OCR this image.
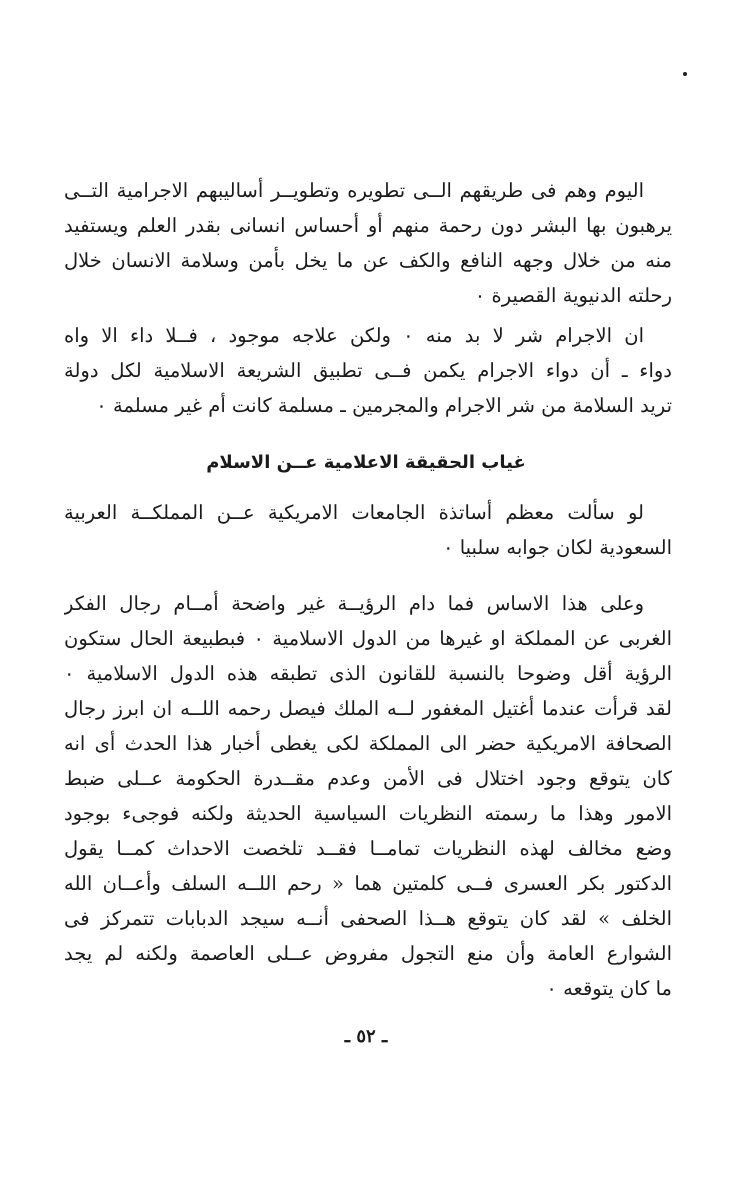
اليوم وهم فى طريقهم الــى تطويره وتطويــر أساليبهم الاجرامية التــى
يرهبون بها البشر دون رحمة منهم أو أحساس انسانى بقدر العلم ويستفيد
منه من خلال وجهه النافع والكف عن ما يخل بأمن وسلامة الانسان خلال
رحلته الدنيوية القصيرة ٠
ان الاجرام شر لا بد منه ٠ ولكن علاجه موجود ، فــلا داء الا واه
دواء ـ أن دواء الاجرام يكمن فــى تطبيق الشريعة الاسلامية لكل دولة
تريد السلامة من شر الاجرام والمجرمين ـ مسلمة كانت أم غير مسلمة ٠
غياب الحقيقة الاعلامية عــن الاسلام
لو سألت معظم أساتذة الجامعات الامريكية عــن المملكــة العربية
السعودية لكان جوابه سلبيا ٠
وعلى هذا الاساس فما دام الرؤيــة غير واضحة أمــام رجال الفكر
الغربى عن المملكة او غيرها من الدول الاسلامية ٠ فبطبيعة الحال ستكون
الرؤية أقل وضوحا بالنسبة للقانون الذى تطبقه هذه الدول الاسلامية ٠
لقد قرأت عندما أغتيل المغفور لــه الملك فيصل رحمه اللــه ان ابرز رجال
الصحافة الامريكية حضر الى المملكة لكى يغطى أخبار هذا الحدث أى انه
كان يتوقع وجود اختلال فى الأمن وعدم مقــدرة الحكومة عــلى ضبط
الامور وهذا ما رسمته النظريات السياسية الحديثة ولكنه فوجىء بوجود
وضع مخالف لهذه النظريات تمامــا فقــد تلخصت الاحداث كمــا يقول
الدكتور بكر العسرى فــى كلمتين هما « رحم اللــه السلف وأعــان الله
الخلف » لقد كان يتوقع هــذا الصحفى أنــه سيجد الدبابات تتمركز فى
الشوارع العامة وأن منع التجول مفروض عــلى العاصمة ولكنه لم يجد
ما كان يتوقعه ٠
ـ ٥٢ ـ
